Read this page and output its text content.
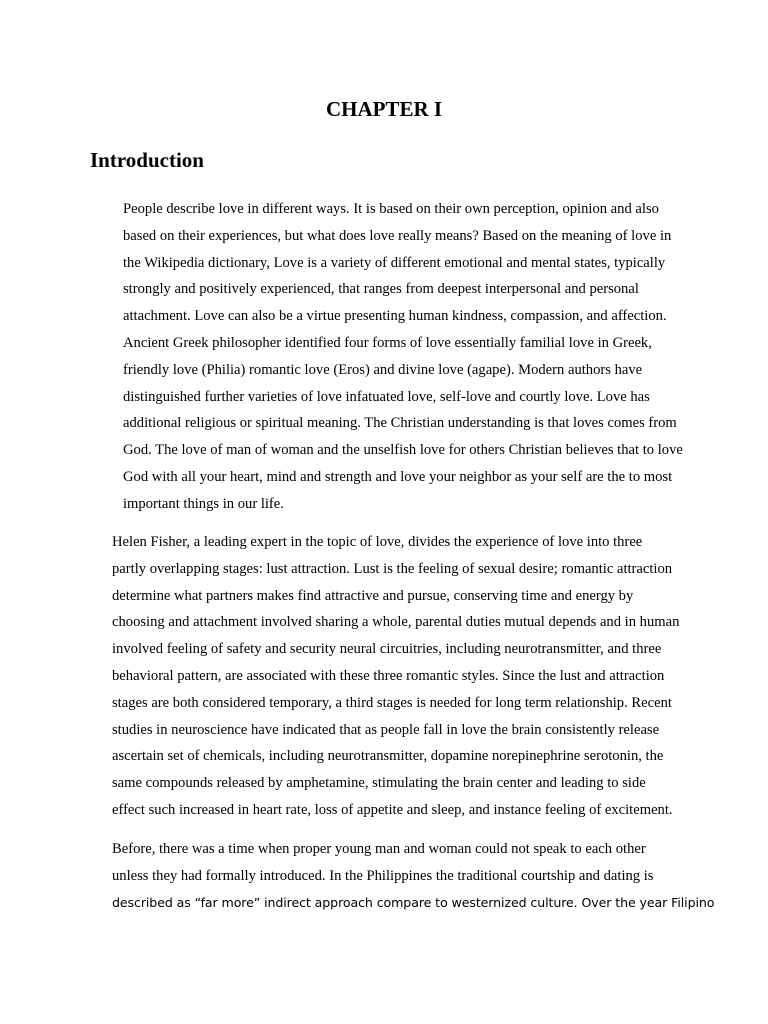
CHAPTER I
Introduction

People describe love in different ways. It is based on their own perception, opinion and also
based on their experiences, but what does love really means? Based on the meaning of love in
the Wikipedia dictionary, Love is a variety of different emotional and mental states, typically
strongly and positively experienced, that ranges from deepest interpersonal and personal
attachment. Love can also be a virtue presenting human kindness, compassion, and affection.
Ancient Greek philosopher identified four forms of love essentially familial love in Greek,
friendly love (Philia) romantic love (Eros) and divine love (agape). Modern authors have
distinguished further varieties of love infatuated love, self-love and courtly love. Love has
additional religious or spiritual meaning. The Christian understanding is that loves comes from
God. The love of man of woman and the unselfish love for others Christian believes that to love
God with all your heart, mind and strength and love your neighbor as your self are the to most
important things in our life.

Helen Fisher, a leading expert in the topic of love, divides the experience of love into three
partly overlapping stages: lust attraction. Lust is the feeling of sexual desire; romantic attraction
determine what partners makes find attractive and pursue, conserving time and energy by
choosing and attachment involved sharing a whole, parental duties mutual depends and in human
involved feeling of safety and security neural circuitries, including neurotransmitter, and three
behavioral pattern, are associated with these three romantic styles. Since the lust and attraction
stages are both considered temporary, a third stages is needed for long term relationship. Recent
studies in neuroscience have indicated that as people fall in love the brain consistently release
ascertain set of chemicals, including neurotransmitter, dopamine norepinephrine serotonin, the
same compounds released by amphetamine, stimulating the brain center and leading to side
effect such increased in heart rate, loss of appetite and sleep, and instance feeling of excitement.

Before, there was a time when proper young man and woman could not speak to each other
unless they had formally introduced. In the Philippines the traditional courtship and dating is
described as “far more” indirect approach compare to westernized culture. Over the year Filipino
